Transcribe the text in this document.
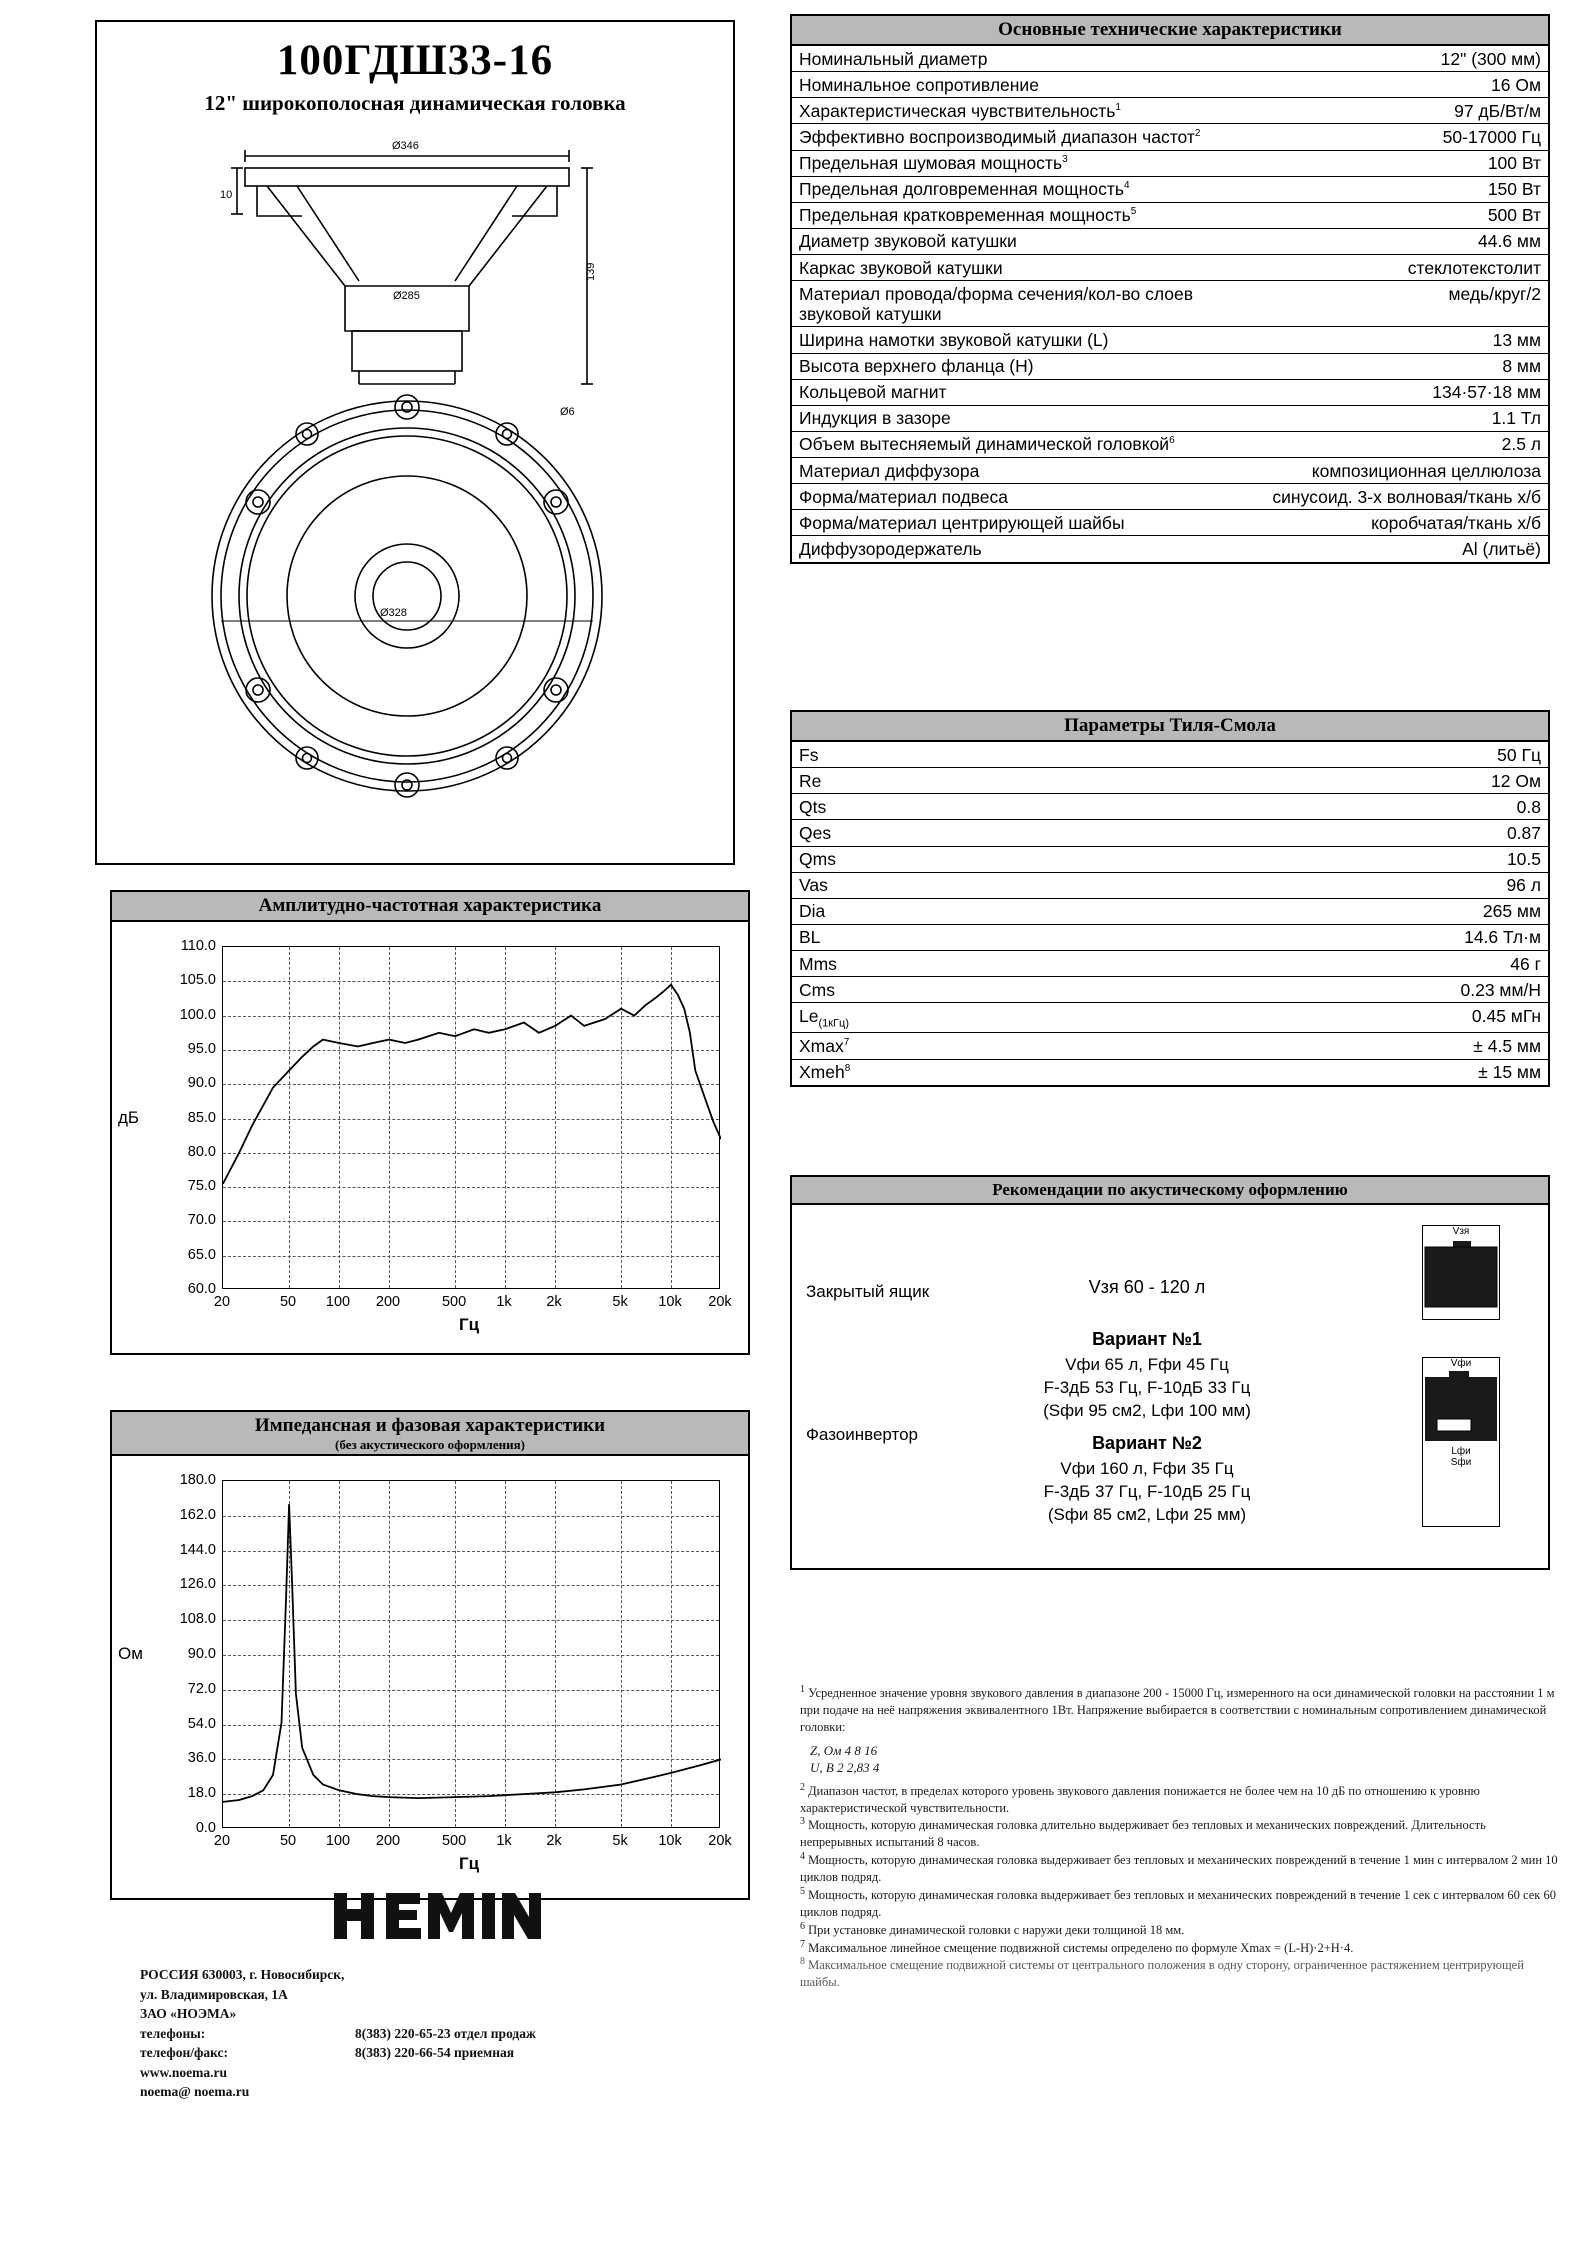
100ГДШ33-16
12" широкополосная динамическая головка
Ø346
Ø285
Ø328
Ø6
10
139
Основные технические характеристики
Номинальный диаметр	12" (300 мм)
Номинальное сопротивление	16 Ом
Характеристическая чувствительность$^1$	97 дБ/Вт/м
Эффективно воспроизводимый диапазон частот$^2$	50-17000 Гц
Предельная шумовая мощность$^3$	100 Вт
Предельная долговременная мощность$^4$	150 Вт
Предельная кратковременная мощность$^5$	500 Вт
Диаметр звуковой катушки	44.6 мм
Каркас звуковой катушки	стеклотекстолит
Материал провода/форма сечения/кол-во слоев звуковой катушки	медь/круг/2
Ширина намотки звуковой катушки (L)	13 мм
Высота верхнего фланца (H)	8 мм
Кольцевой магнит	134·57·18 мм
Индукция в зазоре	1.1 Тл
Объем вытесняемый динамической головкой$^6$	2.5 л
Материал диффузора	композиционная целлюлоза
Форма/материал подвеса	синусоид. 3-х волновая/ткань х/б
Форма/материал центрирующей шайбы	коробчатая/ткань х/б
Диффузородержатель	Al (литьё)
Параметры Тиля-Смола
Fs	50 Гц
Re	12 Ом
Qts	0.8
Qes	0.87
Qms	10.5
Vas	96 л
Dia	265 мм
BL	14.6 Тл·м
Mms	46 г
Cms	0.23 мм/Н
$Le_{(1кГц)}$	0.45 мГн
Xmax$^7$	± 4.5 мм
Xmeh$^8$	± 15 мм
Рекомендации по акустическому оформлению
Закрытый ящик	Vзя 60 - 120 л
Фазоинвертор
Вариант №1
Vфи 65 л, Fфи 45 Гц
F-3дБ 53 Гц, F-10дБ 33 Гц
(Sфи 95 см2, Lфи 100 мм)
Вариант №2
Vфи 160 л, Fфи 35 Гц
F-3дБ 37 Гц, F-10дБ 25 Гц
(Sфи 85 см2, Lфи 25 мм)
Vзя
Vфи
Lфи
Sфи
Амплитудно-частотная характеристика
110.0
105.0
100.0
95.0
90.0
85.0
80.0
75.0
70.0
65.0
60.0
20	50 100 200	500 1k 2k	5k 10k 20k
Гц
дБ
Импедансная и фазовая характеристики
(без акустического оформления)
180.0
162.0
144.0
126.0
108.0
90.0
72.0
54.0
36.0
18.0
0.0
20	50 100 200	500 1k 2k	5k 10k 20k
Гц
Ом

$^1$ Усредненное значение уровня звукового давления в диапазоне 200 - 15000 Гц, измеренного на оси динамической головки на расстоянии 1 м при подаче на неё напряжения эквивалентного 1Вт. Напряжение выбирается в соответствии с номинальным сопротивлением динамической головки:

Z, Ом 4 8 16
U, В 2 2,83 4

$^2$ Диапазон частот, в пределах которого уровень звукового давления понижается не более чем на 10 дБ по отношению к уровню характеристической чувствительности.

$^3$ Мощность, которую динамическая головка длительно выдерживает без тепловых и механических повреждений. Длительность непрерывных испытаний 8 часов.

$^4$ Мощность, которую динамическая головка выдерживает без тепловых и механических повреждений в течение 1 мин с интервалом 2 мин 10 циклов подряд.

$^5$ Мощность, которую динамическая головка выдерживает без тепловых и механических повреждений в течение 1 сек с интервалом 60 сек 60 циклов подряд.

$^6$ При установке динамической головки с наружи деки толщиной 18 мм.

$^7$ Максимальное линейное смещение подвижной системы определено по формуле Хmax = (L-H)·2+H·4.

$^8$ Максимальное смещение подвижной системы от центрального положения в одну сторону, ограниченное растяжением центрирующей шайбы.

РОССИЯ 630003, г. Новосибирск,
ул. Владимировская, 1А
ЗАО «НОЭМА»
телефоны:	8(383) 220-65-23 отдел продаж
телефон/факс:	8(383) 220-66-54 приемная
www.noema.ru
noema@ noema.ru
